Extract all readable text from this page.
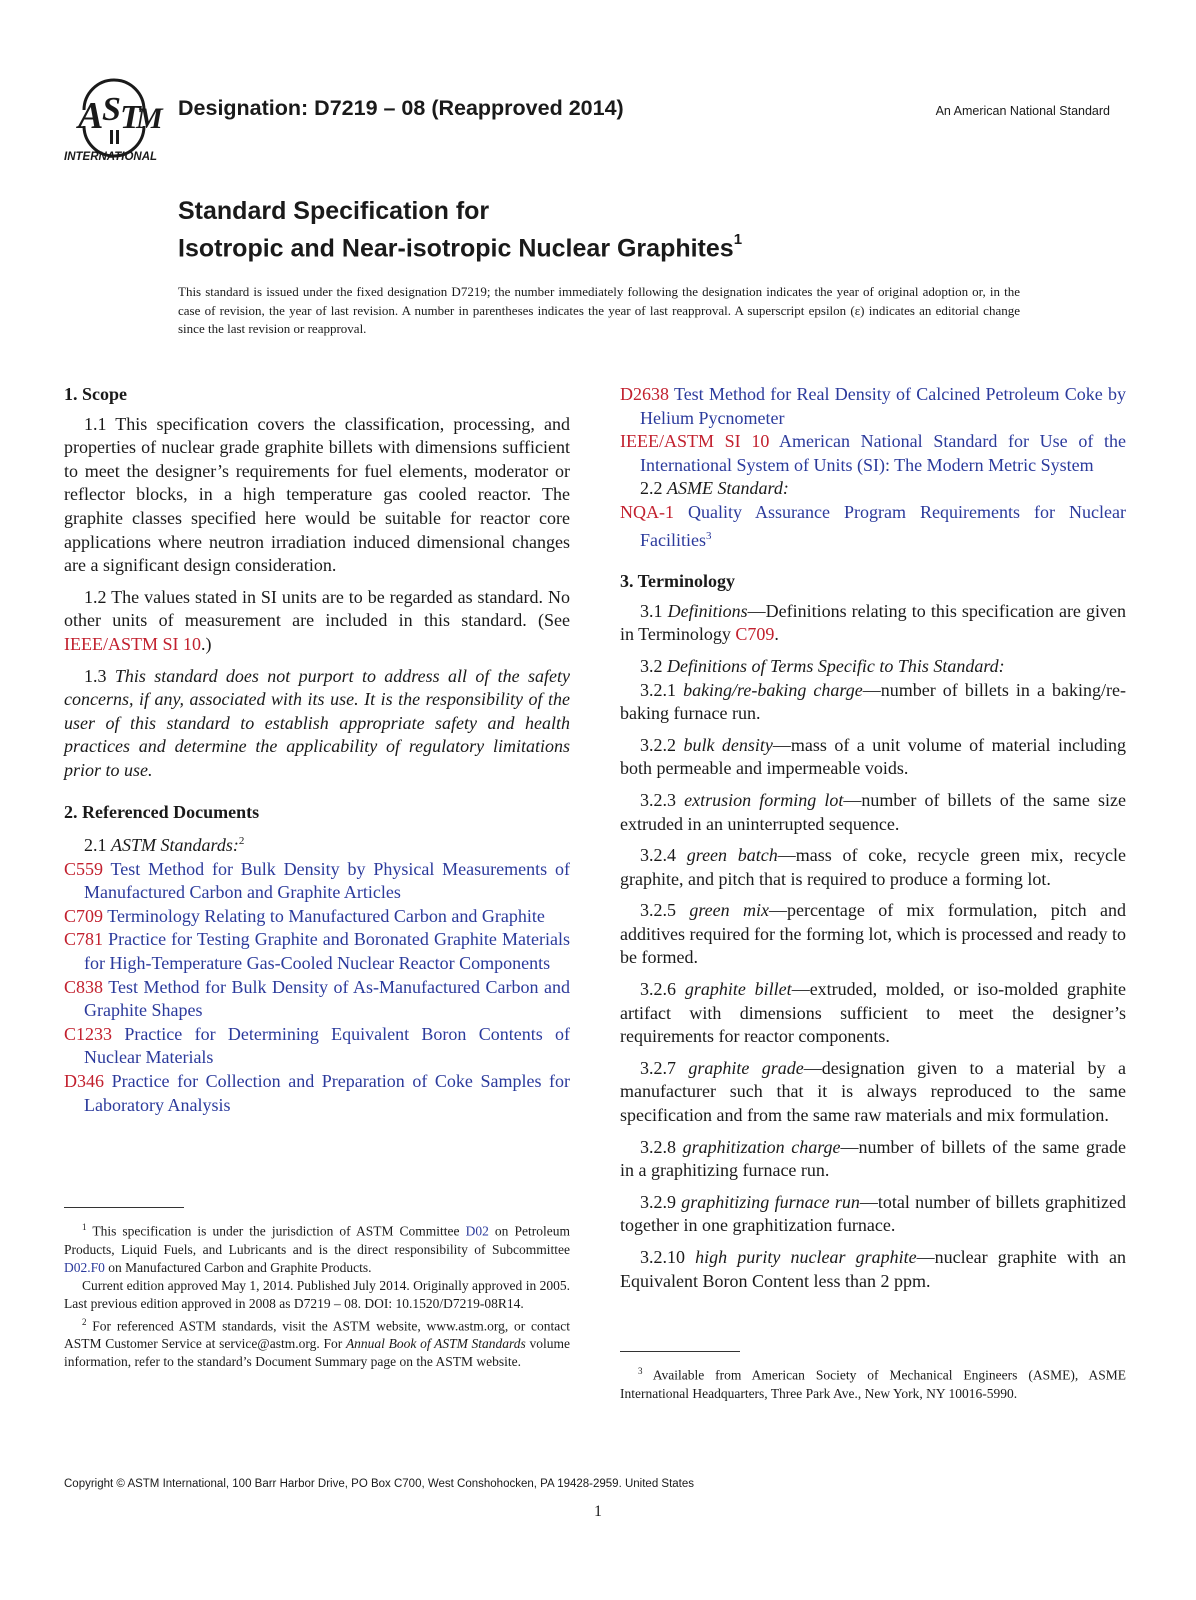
A
S T
M
INTERNATIONAL
Designation: D7219 – 08 (Reapproved 2014)	An American National Standard
Standard Specification for
Isotropic and Near-isotropic Nuclear Graphites$^1$
This standard is issued under the fixed designation D7219; the number immediately following the designation indicates the year of original adoption or, in the case of revision, the year of last revision. A number in parentheses indicates the year of last reapproval. A superscript epsilon (ε) indicates an editorial change since the last revision or reapproval.

1. Scope

1.1 This specification covers the classification, processing, and properties of nuclear grade graphite billets with dimensions sufficient to meet the designer’s requirements for fuel elements, moderator or reflector blocks, in a high temperature gas cooled reactor. The graphite classes specified here would be suitable for reactor core applications where neutron irradiation induced dimensional changes are a significant design consideration.

1.2 The values stated in SI units are to be regarded as standard. No other units of measurement are included in this standard. (See IEEE/ASTM SI 10.)

1.3 This standard does not purport to address all of the safety concerns, if any, associated with its use. It is the responsibility of the user of this standard to establish appropriate safety and health practices and determine the applicability of regulatory limitations prior to use.

2. Referenced Documents

2.1 ASTM Standards:$^2$

C559 Test Method for Bulk Density by Physical Measurements of Manufactured Carbon and Graphite Articles

C709 Terminology Relating to Manufactured Carbon and Graphite

C781 Practice for Testing Graphite and Boronated Graphite Materials for High-Temperature Gas-Cooled Nuclear Reactor Components

C838 Test Method for Bulk Density of As-Manufactured Carbon and Graphite Shapes

C1233 Practice for Determining Equivalent Boron Contents of Nuclear Materials

D346 Practice for Collection and Preparation of Coke Samples for Laboratory Analysis

D2638 Test Method for Real Density of Calcined Petroleum Coke by Helium Pycnometer

IEEE/ASTM SI 10 American National Standard for Use of the International System of Units (SI): The Modern Metric System

2.2 ASME Standard:

NQA-1 Quality Assurance Program Requirements for Nuclear Facilities$^3$

3. Terminology

3.1 Definitions—Definitions relating to this specification are given in Terminology C709.

3.2 Definitions of Terms Specific to This Standard:

3.2.1 baking/re-baking charge—number of billets in a baking/re-baking furnace run.

3.2.2 bulk density—mass of a unit volume of material including both permeable and impermeable voids.

3.2.3 extrusion forming lot—number of billets of the same size extruded in an uninterrupted sequence.

3.2.4 green batch—mass of coke, recycle green mix, recycle graphite, and pitch that is required to produce a forming lot.

3.2.5 green mix—percentage of mix formulation, pitch and additives required for the forming lot, which is processed and ready to be formed.

3.2.6 graphite billet—extruded, molded, or iso-molded graphite artifact with dimensions sufficient to meet the designer’s requirements for reactor components.

3.2.7 graphite grade—designation given to a material by a manufacturer such that it is always reproduced to the same specification and from the same raw materials and mix formulation.

3.2.8 graphitization charge—number of billets of the same grade in a graphitizing furnace run.

3.2.9 graphitizing furnace run—total number of billets graphitized together in one graphitization furnace.

3.2.10 high purity nuclear graphite—nuclear graphite with an Equivalent Boron Content less than 2 ppm.

$^1$ This specification is under the jurisdiction of ASTM Committee D02 on Petroleum Products, Liquid Fuels, and Lubricants and is the direct responsibility of Subcommittee D02.F0 on Manufactured Carbon and Graphite Products.

Current edition approved May 1, 2014. Published July 2014. Originally approved in 2005. Last previous edition approved in 2008 as D7219 – 08. DOI: 10.1520/D7219-08R14.

$^2$ For referenced ASTM standards, visit the ASTM website, www.astm.org, or contact ASTM Customer Service at service@astm.org. For Annual Book of ASTM Standards volume information, refer to the standard’s Document Summary page on the ASTM website.

$^3$ Available from American Society of Mechanical Engineers (ASME), ASME International Headquarters, Three Park Ave., New York, NY 10016-5990.

Copyright © ASTM International, 100 Barr Harbor Drive, PO Box C700, West Conshohocken, PA 19428-2959. United States
1
